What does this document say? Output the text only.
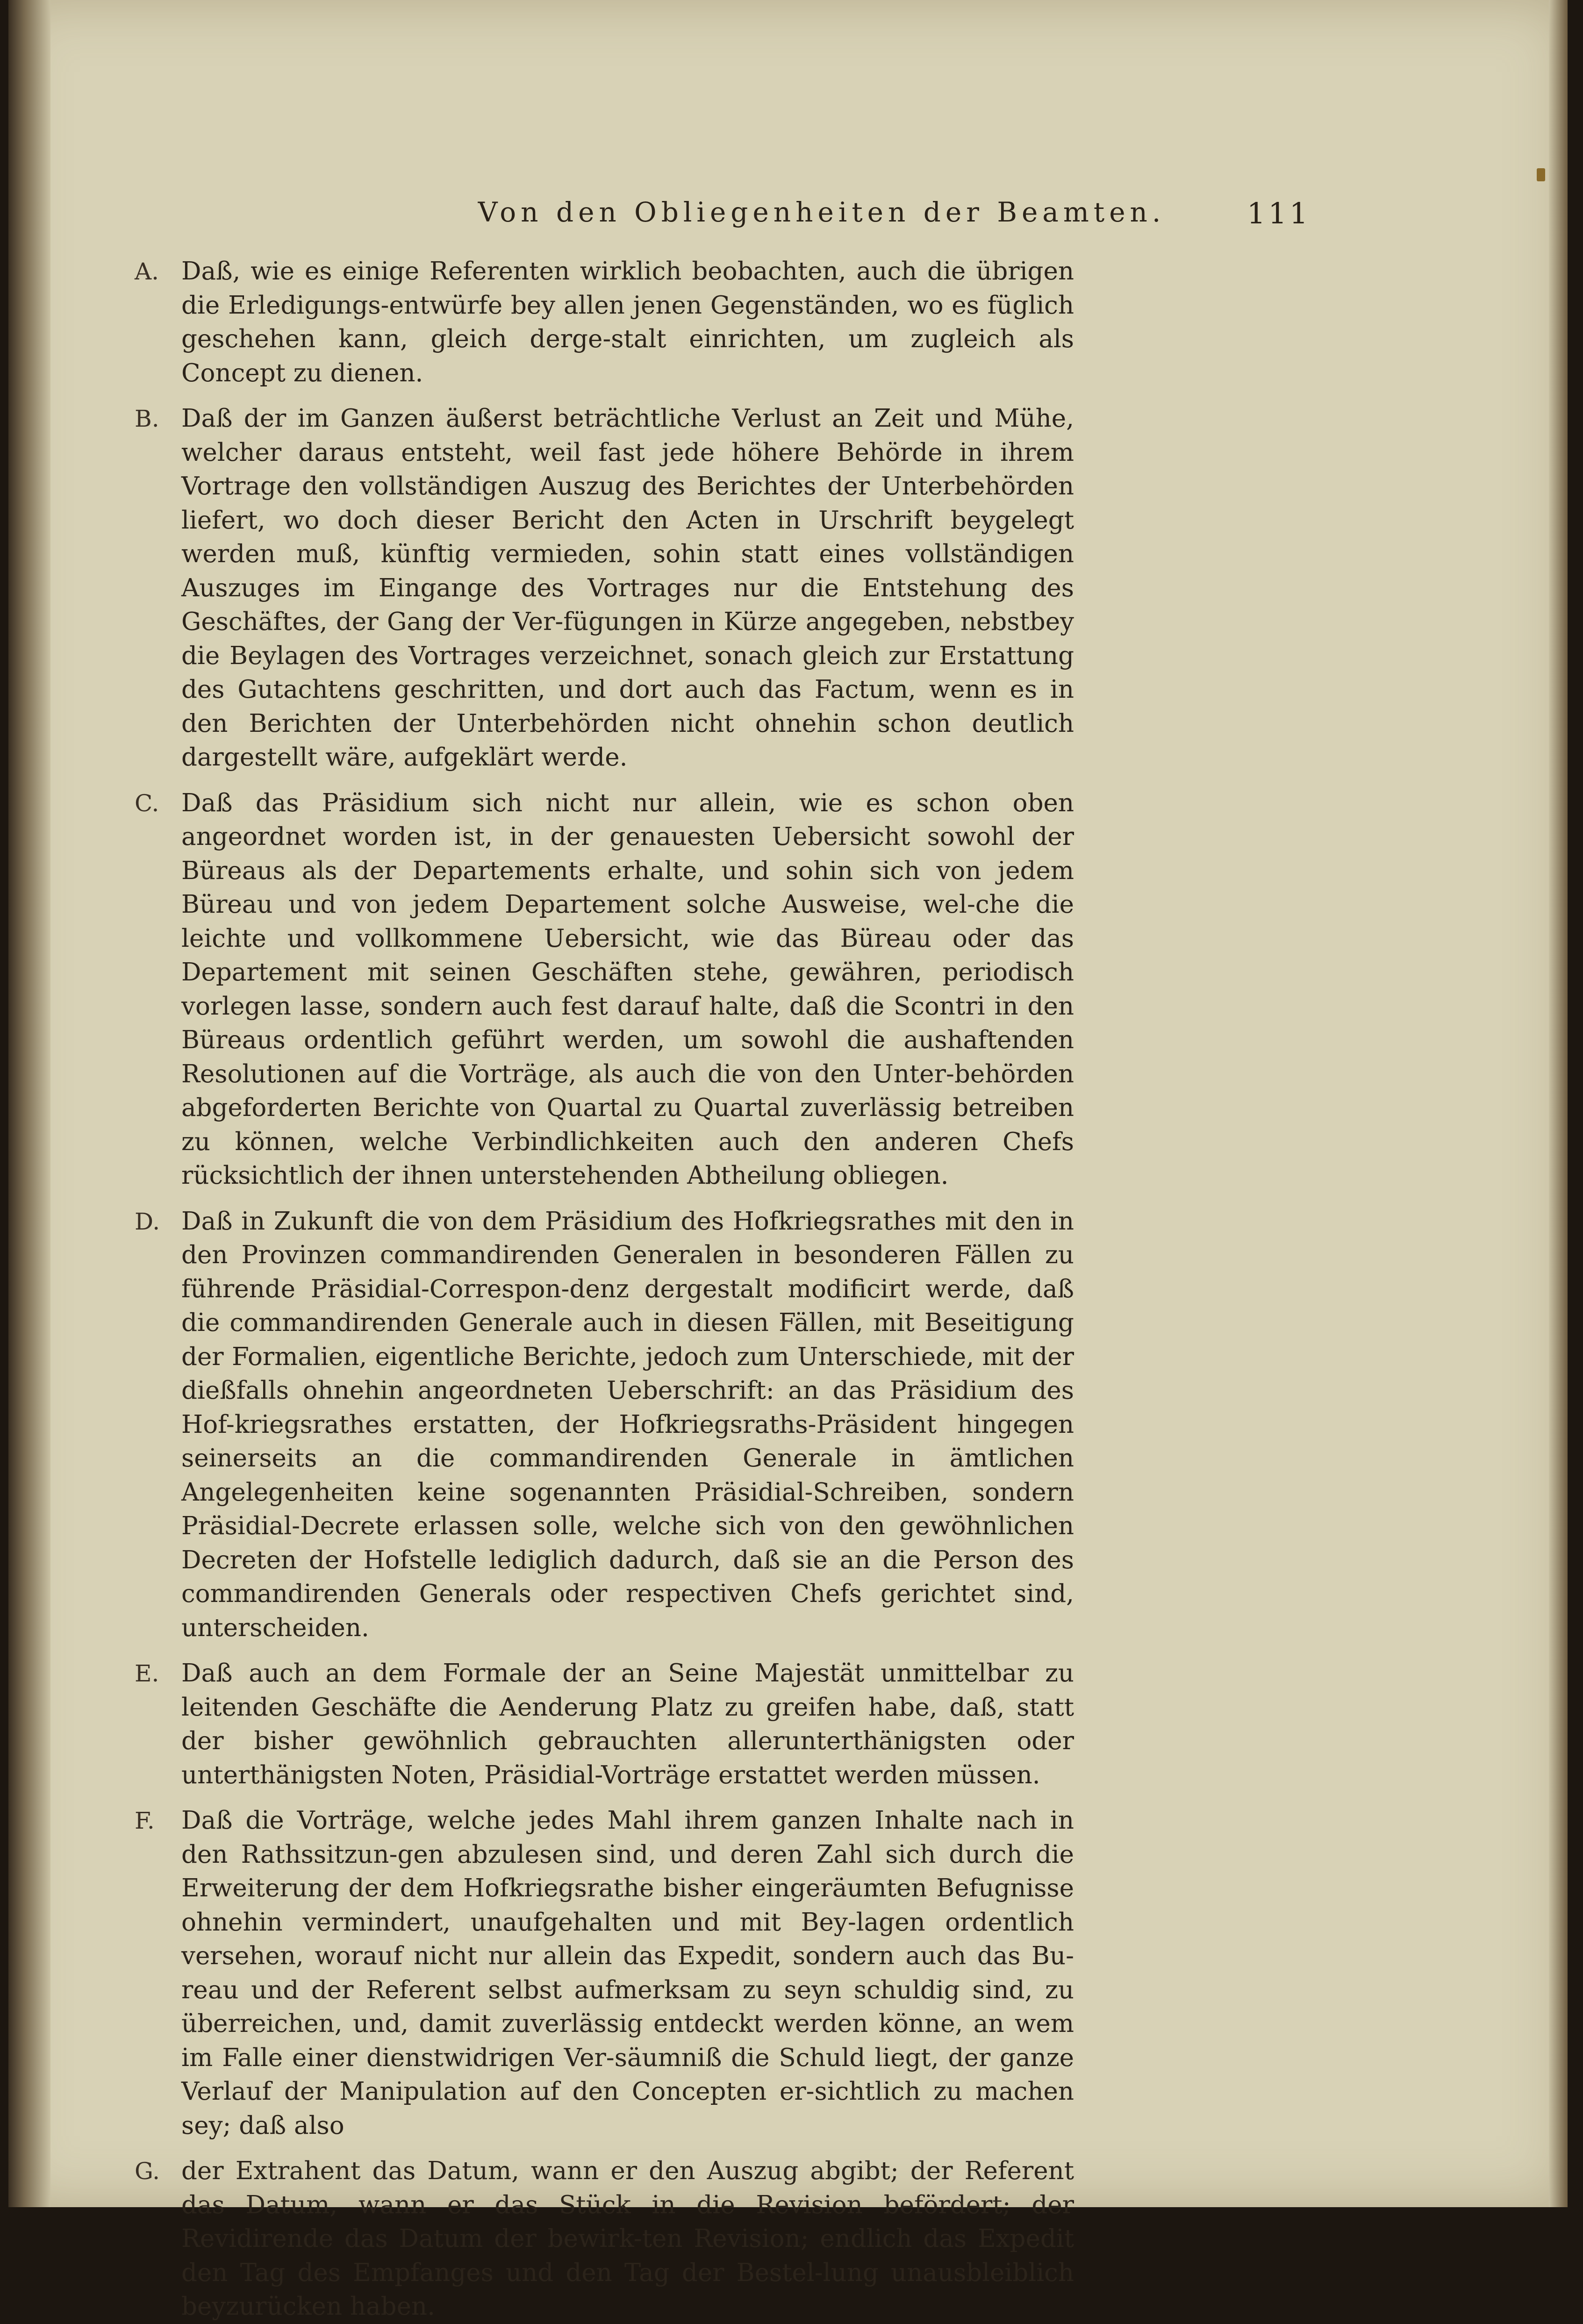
Von den Obliegenheiten der Beamten.	111
A. Daß, wie es einige Referenten wirklich beobachten, auch die übrigen die Erledigungs-entwürfe bey allen jenen Gegenständen, wo es füglich geschehen kann, gleich derge-stalt einrichten, um zugleich als Concept zu dienen.
B. Daß der im Ganzen äußerst beträchtliche Verlust an Zeit und Mühe, welcher daraus entsteht, weil fast jede höhere Behörde in ihrem Vortrage den vollständigen Auszug des Berichtes der Unterbehörden liefert, wo doch dieser Bericht den Acten in Urschrift beygelegt werden muß, künftig vermieden, sohin statt eines vollständigen Auszuges im Eingange des Vortrages nur die Entstehung des Geschäftes, der Gang der Ver-fügungen in Kürze angegeben, nebstbey die Beylagen des Vortrages verzeichnet, sonach gleich zur Erstattung des Gutachtens geschritten, und dort auch das Factum, wenn es in den Berichten der Unterbehörden nicht ohnehin schon deutlich dargestellt wäre, aufgeklärt werde.
C. Daß das Präsidium sich nicht nur allein, wie es schon oben angeordnet worden ist, in der genauesten Uebersicht sowohl der Büreaus als der Departements erhalte, und sohin sich von jedem Büreau und von jedem Departement solche Ausweise, wel-che die leichte und vollkommene Uebersicht, wie das Büreau oder das Departement mit seinen Geschäften stehe, gewähren, periodisch vorlegen lasse, sondern auch fest darauf halte, daß die Scontri in den Büreaus ordentlich geführt werden, um sowohl die aushaftenden Resolutionen auf die Vorträge, als auch die von den Unter-behörden abgeforderten Berichte von Quartal zu Quartal zuverlässig betreiben zu können, welche Verbindlichkeiten auch den anderen Chefs rücksichtlich der ihnen unterstehenden Abtheilung obliegen.
D. Daß in Zukunft die von dem Präsidium des Hofkriegsrathes mit den in den Provinzen commandirenden Generalen in besonderen Fällen zu führende Präsidial-Correspon-denz dergestalt modificirt werde, daß die commandirenden Generale auch in diesen Fällen, mit Beseitigung der Formalien, eigentliche Berichte, jedoch zum Unterschiede, mit der dießfalls ohnehin angeordneten Ueberschrift: an das Präsidium des Hof-kriegsrathes erstatten, der Hofkriegsraths-Präsident hingegen seinerseits an die commandirenden Generale in ämtlichen Angelegenheiten keine sogenannten Präsidial-Schreiben, sondern Präsidial-Decrete erlassen solle, welche sich von den gewöhnlichen Decreten der Hofstelle lediglich dadurch, daß sie an die Person des commandirenden Generals oder respectiven Chefs gerichtet sind, unterscheiden.
E. Daß auch an dem Formale der an Seine Majestät unmittelbar zu leitenden Geschäfte die Aenderung Platz zu greifen habe, daß, statt der bisher gewöhnlich gebrauchten allerunterthänigsten oder unterthänigsten Noten, Präsidial-Vorträge erstattet werden müssen.
F.	Daß die Vorträge, welche jedes Mahl ihrem ganzen Inhalte nach in den Rathssitzun-gen abzulesen sind, und deren Zahl sich durch die Erweiterung der dem Hofkriegsrathe bisher eingeräumten Befugnisse ohnehin vermindert, unaufgehalten und mit Bey-lagen ordentlich versehen, worauf nicht nur allein das Expedit, sondern auch das Bu-reau und der Referent selbst aufmerksam zu seyn schuldig sind, zu überreichen, und, damit zuverlässig entdeckt werden könne, an wem im Falle einer dienstwidrigen Ver-säumniß die Schuld liegt, der ganze Verlauf der Manipulation auf den Concepten er-sichtlich zu machen sey; daß also
G. der Extrahent das Datum, wann er den Auszug abgibt; der Referent das Datum, wann er das Stück in die Revision befördert; der Revidirende das Datum der bewirk-ten Revision; endlich das Expedit den Tag des Empfanges und den Tag der Bestel-lung unausbleiblich beyzurücken haben.
